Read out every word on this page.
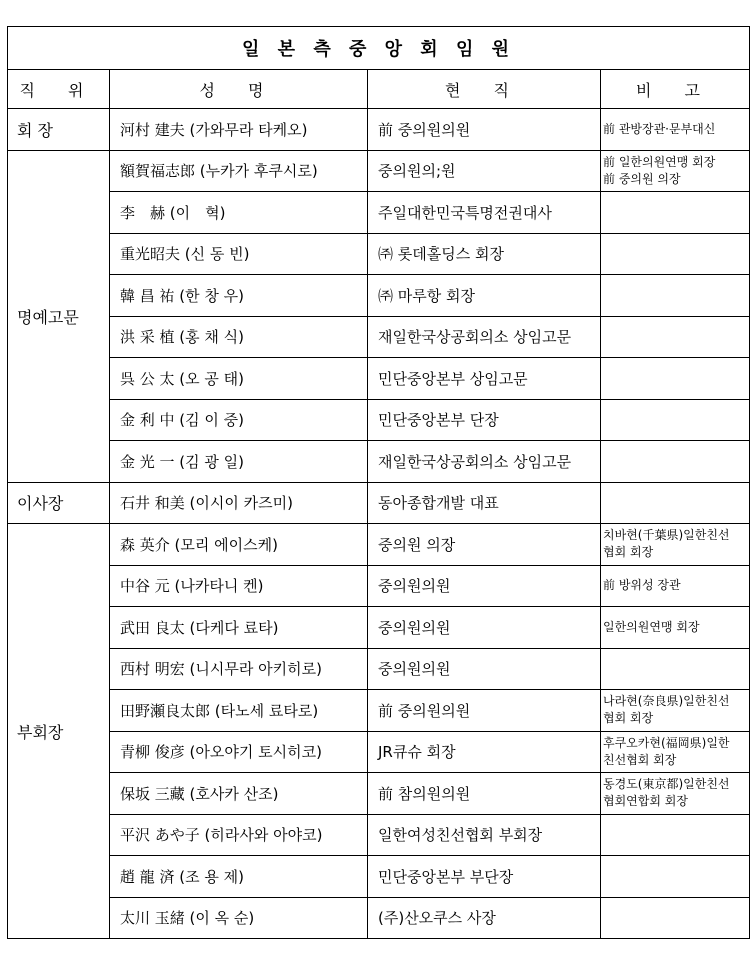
일 본 측 중 앙 회 임 원			
직 위	성 명	현 직	비 고
회 장	河村 建夫 (가와무라 타케오)	前 중의원의원	前 관방장관·문부대신

명예고문	額賀福志郎 (누카가 후쿠시로)	중의원의;원	前 일한의원연맹 회장
前 중의원 의장

	李　赫 (이　혁)	주일대한민국특명전권대사	
	重光昭夫 (신 동 빈)	㈜ 롯데홀딩스 회장	
	韓 昌 祐 (한 창 우)	㈜ 마루항 회장	
	洪 采 植 (홍 채 식)	재일한국상공회의소 상임고문	
	呉 公 太 (오 공 태)	민단중앙본부 상임고문	
	金 利 中 (김 이 중)	민단중앙본부 단장	
	金 光 一 (김 광 일)	재일한국상공회의소 상임고문	
이사장	石井 和美 (이시이 카즈미)	동아종합개발 대표	
부회장	森 英介 (모리 에이스케)	중의원 의장	치바현(千葉県)일한친선
협회 회장

	中谷 元 (나카타니 켄)	중의원의원	前 방위성 장관

	武田 良太 (다케다 료타)	중의원의원	일한의원연맹 회장

	西村 明宏 (니시무라 아키히로)	중의원의원	
	田野瀬良太郎 (타노세 료타로)	前 중의원의원	나라현(奈良県)일한친선
협회 회장

	青柳 俊彦 (아오야기 토시히코)	JR큐슈 회장	후쿠오카현(福岡県)일한
친선협회 회장

	保坂 三藏 (호사카 산조)	前 참의원의원	동경도(東京都)일한친선
협회연합회 회장

	平沢 あや子 (히라사와 아야코)	일한여성친선협회 부회장	
	趙 龍 済 (조 용 제)	민단중앙본부 부단장	
	太川 玉緒 (이 옥 순)	(주)산오쿠스 사장	
